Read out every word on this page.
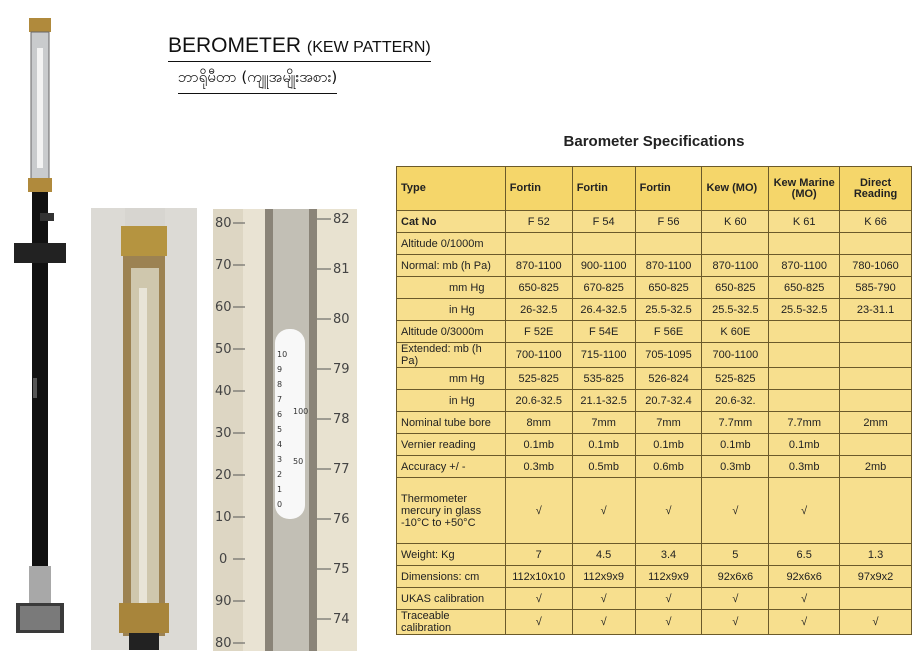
BEROMETER (KEW PATTERN)
ဘာရိုမီတာ (ကျူအမျိုးအစား)
80
70
60
50
40
30
20
10
0
90
80
82
81
80
79
78
77
76
75
74
10
9
8
7
6
5
4
3
2
1
0
100
50
Barometer Specifications
Type	Fortin	Fortin	Fortin	Kew (MO)	Kew Marine (MO)	Direct Reading
Cat No	F 52	F 54	F 56	K 60	K 61	K 66
Altitude 0/1000m						
Normal: mb (h Pa)	870-1100	900-1100	870-1100	870-1100	870-1100	780-1060
mm Hg	650-825	670-825	650-825	650-825	650-825	585-790
in Hg	26-32.5	26.4-32.5	25.5-32.5	25.5-32.5	25.5-32.5	23-31.1
Altitude 0/3000m	F 52E	F 54E	F 56E	K 60E		
Extended: mb (h Pa)	700-1100	715-1100	705-1095	700-1100		
mm Hg	525-825	535-825	526-824	525-825		
in Hg	20.6-32.5	21.1-32.5	20.7-32.4	20.6-32.		
Nominal tube bore	8mm	7mm	7mm	7.7mm	7.7mm	2mm
Vernier reading	0.1mb	0.1mb	0.1mb	0.1mb	0.1mb	
Accuracy +/ -	0.3mb	0.5mb	0.6mb	0.3mb	0.3mb	2mb
Thermometer mercury in glass -10°C to +50°C	√	√	√	√	√	
Weight: Kg	7	4.5	3.4	5	6.5	1.3
Dimensions: cm	112x10x10	112x9x9	112x9x9	92x6x6	92x6x6	97x9x2
UKAS calibration	√	√	√	√	√	
Traceable calibration	√	√	√	√	√	√
